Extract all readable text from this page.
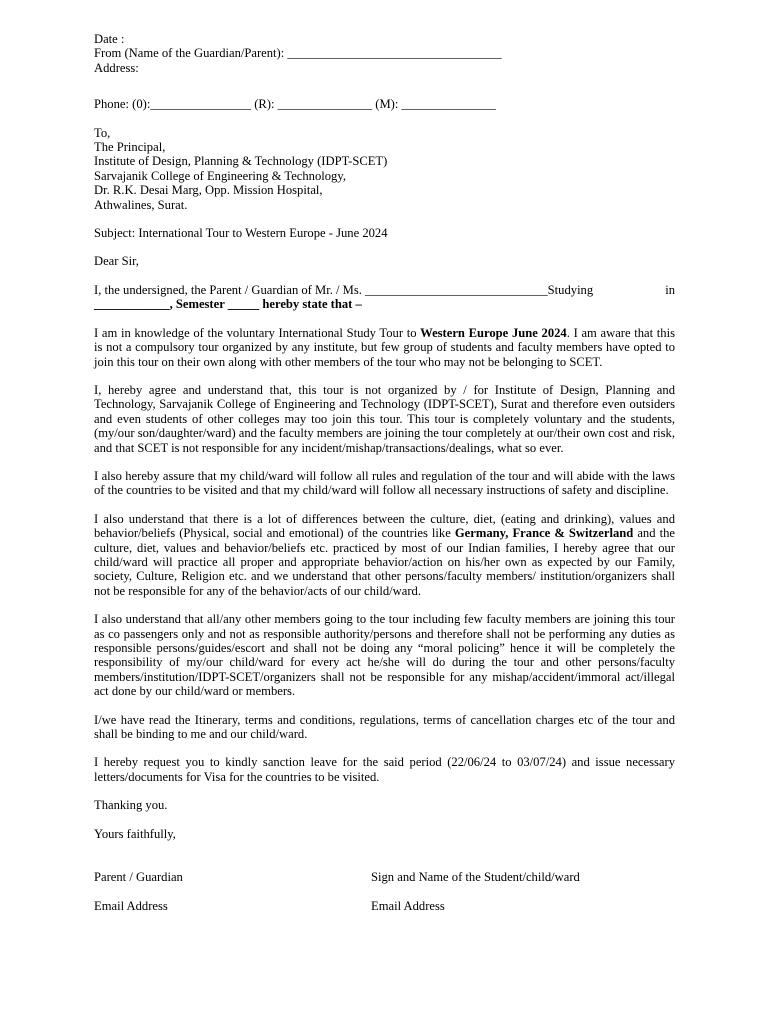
Date :
From (Name of the Guardian/Parent): __________________________________
Address:
Phone: (0):________________ (R): _______________ (M): _______________
To,
The Principal,
Institute of Design, Planning & Technology (IDPT-SCET)
Sarvajanik College of Engineering & Technology,
Dr. R.K. Desai Marg, Opp. Mission Hospital,
Athwalines, Surat.
Subject: International Tour to Western Europe - June 2024
Dear Sir,
I, the undersigned, the Parent / Guardian of Mr. / Ms. _____________________________Studying	in
____________, Semester _____ hereby state that –

I am in knowledge of the voluntary International Study Tour to Western Europe June 2024. I am aware that this is not a compulsory tour organized by any institute, but few group of students and faculty members have opted to join this tour on their own along with other members of the tour who may not be belonging to SCET.

I, hereby agree and understand that, this tour is not organized by / for Institute of Design, Planning and Technology, Sarvajanik College of Engineering and Technology (IDPT-SCET), Surat and therefore even outsiders and even students of other colleges may too join this tour. This tour is completely voluntary and the students, (my/our son/daughter/ward) and the faculty members are joining the tour completely at our/their own cost and risk, and that SCET is not responsible for any incident/mishap/transactions/dealings, what so ever.

I also hereby assure that my child/ward will follow all rules and regulation of the tour and will abide with the laws of the countries to be visited and that my child/ward will follow all necessary instructions of safety and discipline.

I also understand that there is a lot of differences between the culture, diet, (eating and drinking), values and behavior/beliefs (Physical, social and emotional) of the countries like Germany, France & Switzerland and the culture, diet, values and behavior/beliefs etc. practiced by most of our Indian families, I hereby agree that our child/ward will practice all proper and appropriate behavior/action on his/her own as expected by our Family, society, Culture, Religion etc. and we understand that other persons/faculty members/ institution/organizers shall not be responsible for any of the behavior/acts of our child/ward.

I also understand that all/any other members going to the tour including few faculty members are joining this tour as co passengers only and not as responsible authority/persons and therefore shall not be performing any duties as responsible persons/guides/escort and shall not be doing any “moral policing” hence it will be completely the responsibility of my/our child/ward for every act he/she will do during the tour and other persons/faculty members/institution/IDPT-SCET/organizers shall not be responsible for any mishap/accident/immoral act/illegal act done by our child/ward or members.

I/we have read the Itinerary, terms and conditions, regulations, terms of cancellation charges etc of the tour and shall be binding to me and our child/ward.

I hereby request you to kindly sanction leave for the said period (22/06/24 to 03/07/24) and issue necessary letters/documents for Visa for the countries to be visited.

Thanking you.
Yours faithfully,
Parent / Guardian	Sign and Name of the Student/child/ward
Email Address	Email Address
